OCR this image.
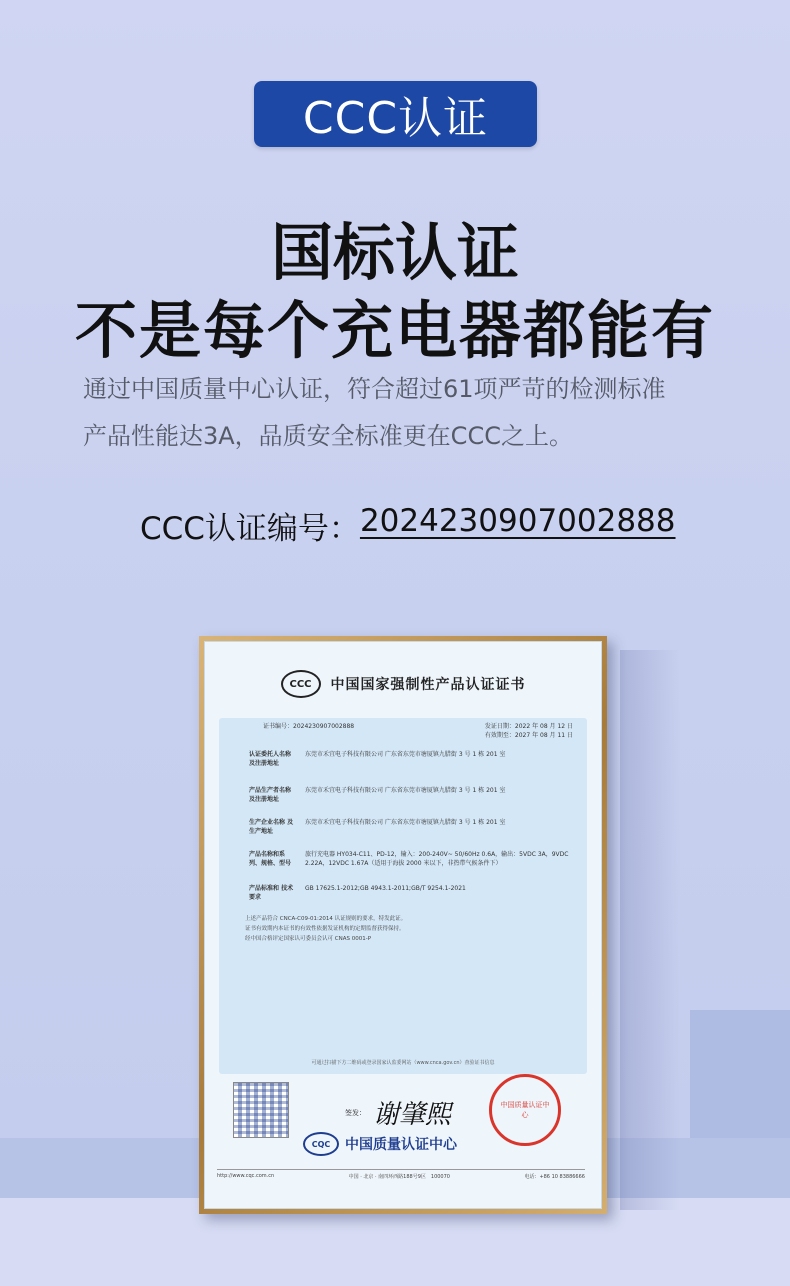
CCC认证
国标认证
不是每个充电器都能有
通过中国质量中心认证，符合超过61项严苛的检测标准
产品性能达3A，品质安全标准更在CCC之上。
CCC认证编号： 2024230907002888
CCC	中国国家强制性产品认证证书
证书编号：2024230907002888	发证日期：2022 年 08 月 12 日
有效期至：2027 年 08 月 11 日
认证委托人名称 及注册地址
东莞市禾宜电子科技有限公司 广东省东莞市塘厦镇九腊街 3 号 1 栋 201 室
产品生产者名称 及注册地址
东莞市禾宜电子科技有限公司 广东省东莞市塘厦镇九腊街 3 号 1 栋 201 室
生产企业名称 及生产地址
东莞市禾宜电子科技有限公司 广东省东莞市塘厦镇九腊街 3 号 1 栋 201 室
产品名称和系列、规格、型号
旅行充电器 HY034-C11、PD-12，输入：200-240V~ 50/60Hz 0.6A，输出：5VDC 3A，9VDC 2.22A，12VDC 1.67A（适用于海拔 2000 米以下，非热带气候条件下）
产品标准和 技术要求
GB 17625.1-2012;GB 4943.1-2011;GB/T 9254.1-2021
上述产品符合 CNCA-C09-01:2014 认证规则的要求，特发此证。
证书有效期内本证书的有效性依据发证机构的定期监督获得保持。
经中国合格评定国家认可委员会认可 CNAS 0001-P
可通过扫描下方二维码或登录国家认监委网站（www.cnca.gov.cn）查验证书信息
签发： 谢肇熙	中国质量认证中心
CQC	中国质量认证中心
http://www.cqc.com.cn	中国 · 北京 · 南四环西路188号9区　100070	电话：+86 10 83886666
